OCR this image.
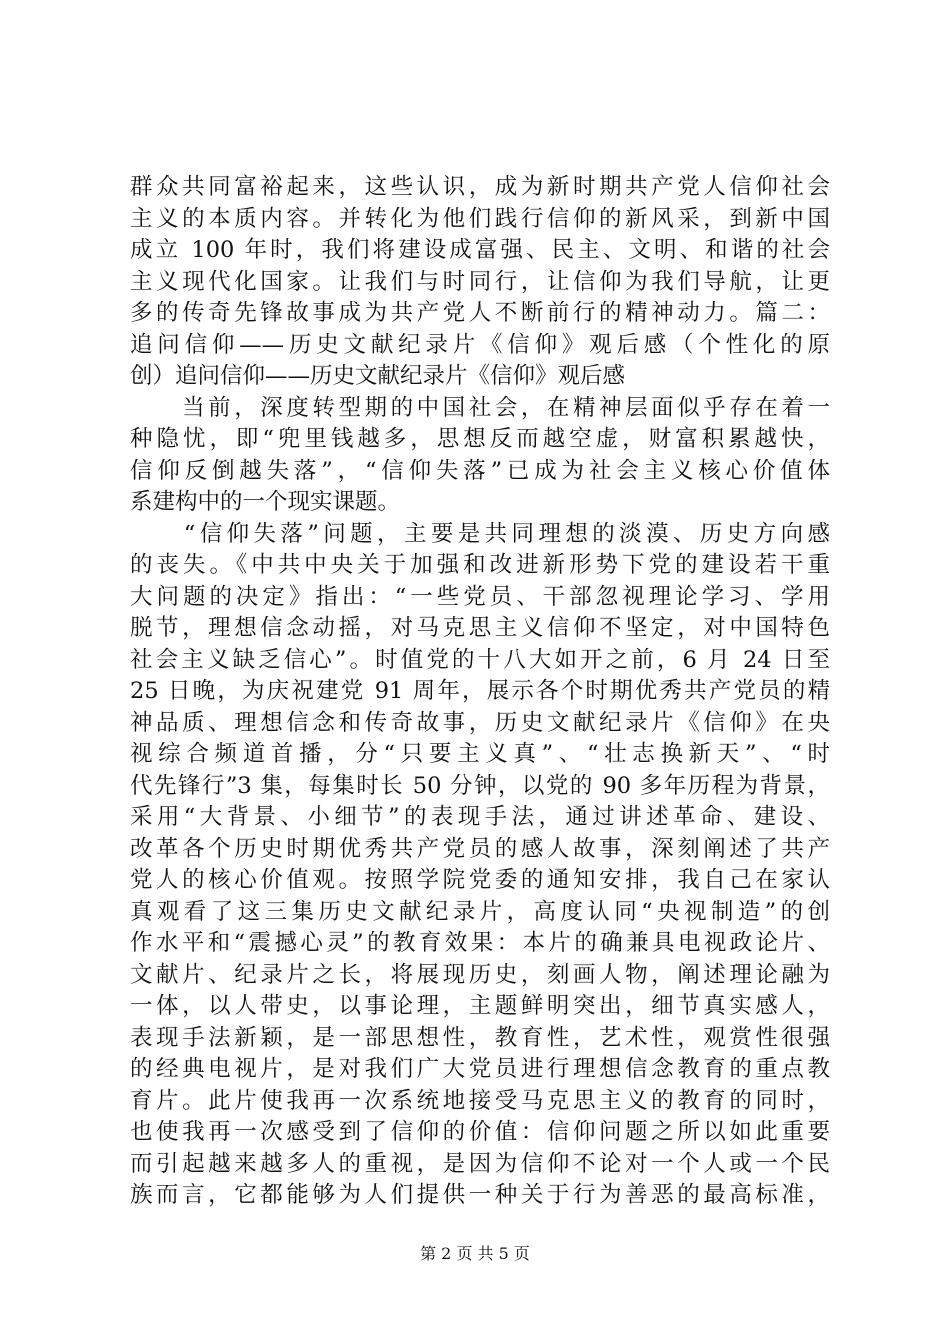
群众共同富裕起来，这些认识，成为新时期共产党人信仰社会
主义的本质内容。并转化为他们践行信仰的新风采，到新中国
成立 100 年时，我们将建设成富强、民主、文明、和谐的社会
主义现代化国家。让我们与时同行，让信仰为我们导航，让更
多的传奇先锋故事成为共产党人不断前行的精神动力。篇二：
追问信仰——历史文献纪录片《信仰》观后感（个性化的原
创）追问信仰——历史文献纪录片《信仰》观后感
　　当前，深度转型期的中国社会，在精神层面似乎存在着一
种隐忧，即“兜里钱越多，思想反而越空虚，财富积累越快，
信仰反倒越失落”，“信仰失落”已成为社会主义核心价值体
系建构中的一个现实课题。
　　“信仰失落”问题，主要是共同理想的淡漠、历史方向感
的丧失。《中共中央关于加强和改进新形势下党的建设若干重
大问题的决定》指出：“一些党员、干部忽视理论学习、学用
脱节，理想信念动摇，对马克思主义信仰不坚定，对中国特色
社会主义缺乏信心”。时值党的十八大如开之前，6 月 24 日至
25 日晚，为庆祝建党 91 周年，展示各个时期优秀共产党员的精
神品质、理想信念和传奇故事，历史文献纪录片《信仰》在央
视综合频道首播，分“只要主义真”、“壮志换新天”、“时
代先锋行”3 集，每集时长 50 分钟，以党的 90 多年历程为背景，
采用“大背景、小细节”的表现手法，通过讲述革命、建设、
改革各个历史时期优秀共产党员的感人故事，深刻阐述了共产
党人的核心价值观。按照学院党委的通知安排，我自己在家认
真观看了这三集历史文献纪录片，高度认同“央视制造”的创
作水平和“震撼心灵”的教育效果：本片的确兼具电视政论片、
文献片、纪录片之长，将展现历史，刻画人物，阐述理论融为
一体，以人带史，以事论理，主题鲜明突出，细节真实感人，
表现手法新颖，是一部思想性，教育性，艺术性，观赏性很强
的经典电视片，是对我们广大党员进行理想信念教育的重点教
育片。此片使我再一次系统地接受马克思主义的教育的同时，
也使我再一次感受到了信仰的价值：信仰问题之所以如此重要
而引起越来越多人的重视，是因为信仰不论对一个人或一个民
族而言，它都能够为人们提供一种关于行为善恶的最高标准，
第 2 页 共 5 页
